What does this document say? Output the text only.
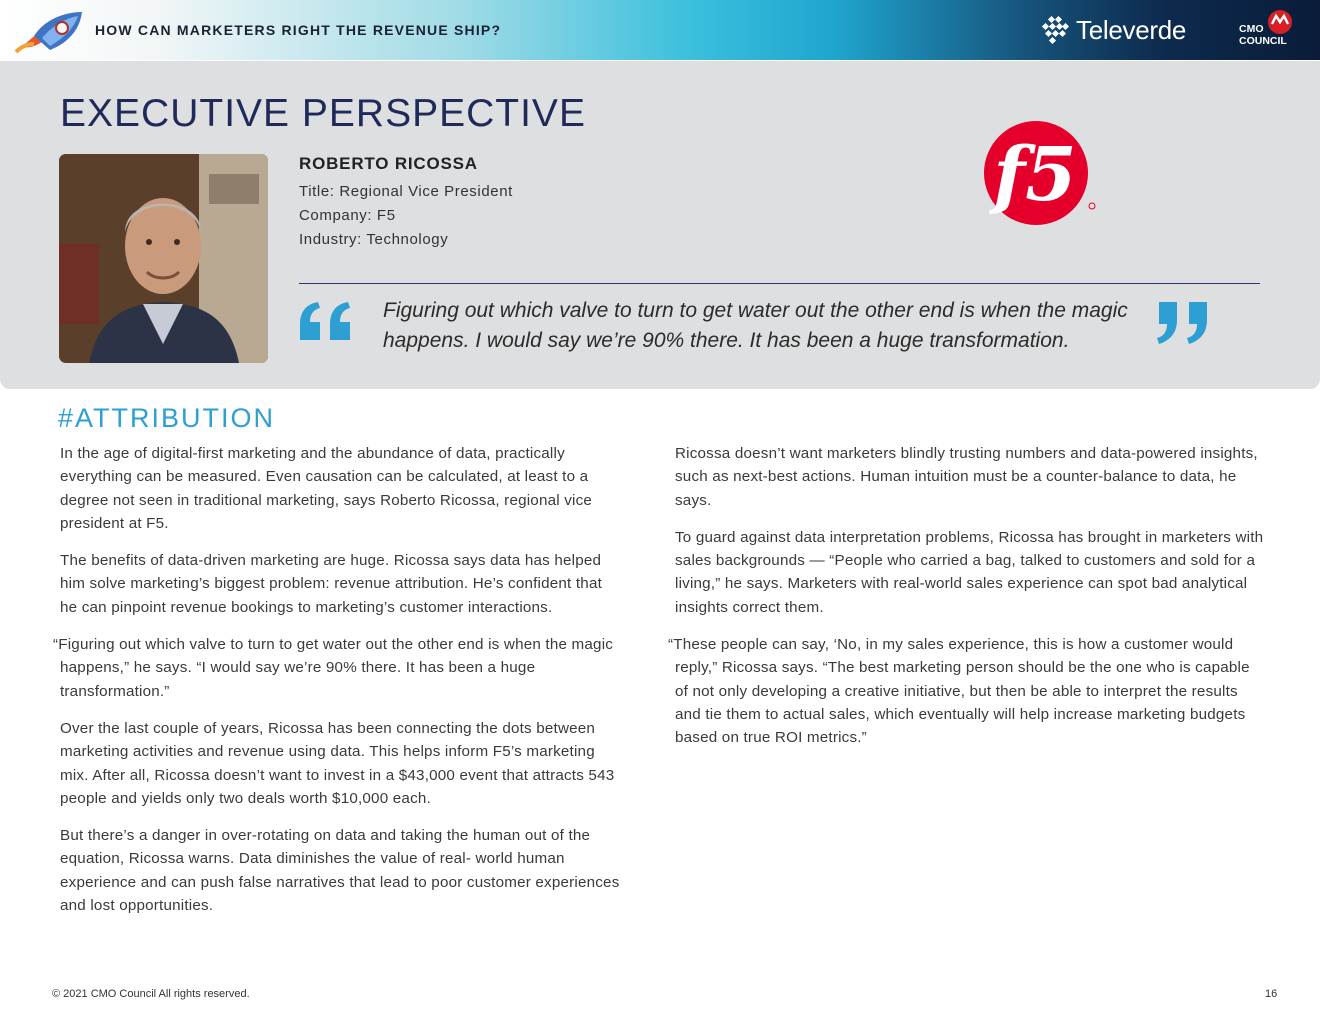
HOW CAN MARKETERS RIGHT THE REVENUE SHIP?	Televerde	CMO
COUNCIL
EXECUTIVE PERSPECTIVE
ROBERTO RICOSSA
Title: Regional Vice President
Company: F5
Industry: Technology
f5
Figuring out which valve to turn to get water out the other end is when the magic happens. I would say we’re 90% there. It has been a huge transformation.
#ATTRIBUTION

In the age of digital-first marketing and the abundance of data, practically everything can be measured. Even causation can be calculated, at least to a degree not seen in traditional marketing, says Roberto Ricossa, regional vice president at F5.

The benefits of data-driven marketing are huge. Ricossa says data has helped him solve marketing’s biggest problem: revenue attribution. He’s confident that he can pinpoint revenue bookings to marketing’s customer interactions.

“Figuring out which valve to turn to get water out the other end is when the magic happens,” he says. “I would say we’re 90% there. It has been a huge transformation.”

Over the last couple of years, Ricossa has been connecting the dots between marketing activities and revenue using data. This helps inform F5’s marketing mix. After all, Ricossa doesn’t want to invest in a $43,000 event that attracts 543 people and yields only two deals worth $10,000 each.

But there’s a danger in over-rotating on data and taking the human out of the equation, Ricossa warns. Data diminishes the value of real- world human experience and can push false narratives that lead to poor customer experiences and lost opportunities.

Ricossa doesn’t want marketers blindly trusting numbers and data-powered insights, such as next-best actions. Human intuition must be a counter-balance to data, he says.

To guard against data interpretation problems, Ricossa has brought in marketers with sales backgrounds — “People who carried a bag, talked to customers and sold for a living,” he says. Marketers with real-world sales experience can spot bad analytical insights correct them.

“These people can say, ‘No, in my sales experience, this is how a customer would reply,” Ricossa says. “The best marketing person should be the one who is capable of not only developing a creative initiative, but then be able to interpret the results and tie them to actual sales, which eventually will help increase marketing budgets based on true ROI metrics.”

© 2021 CMO Council All rights reserved.	16
